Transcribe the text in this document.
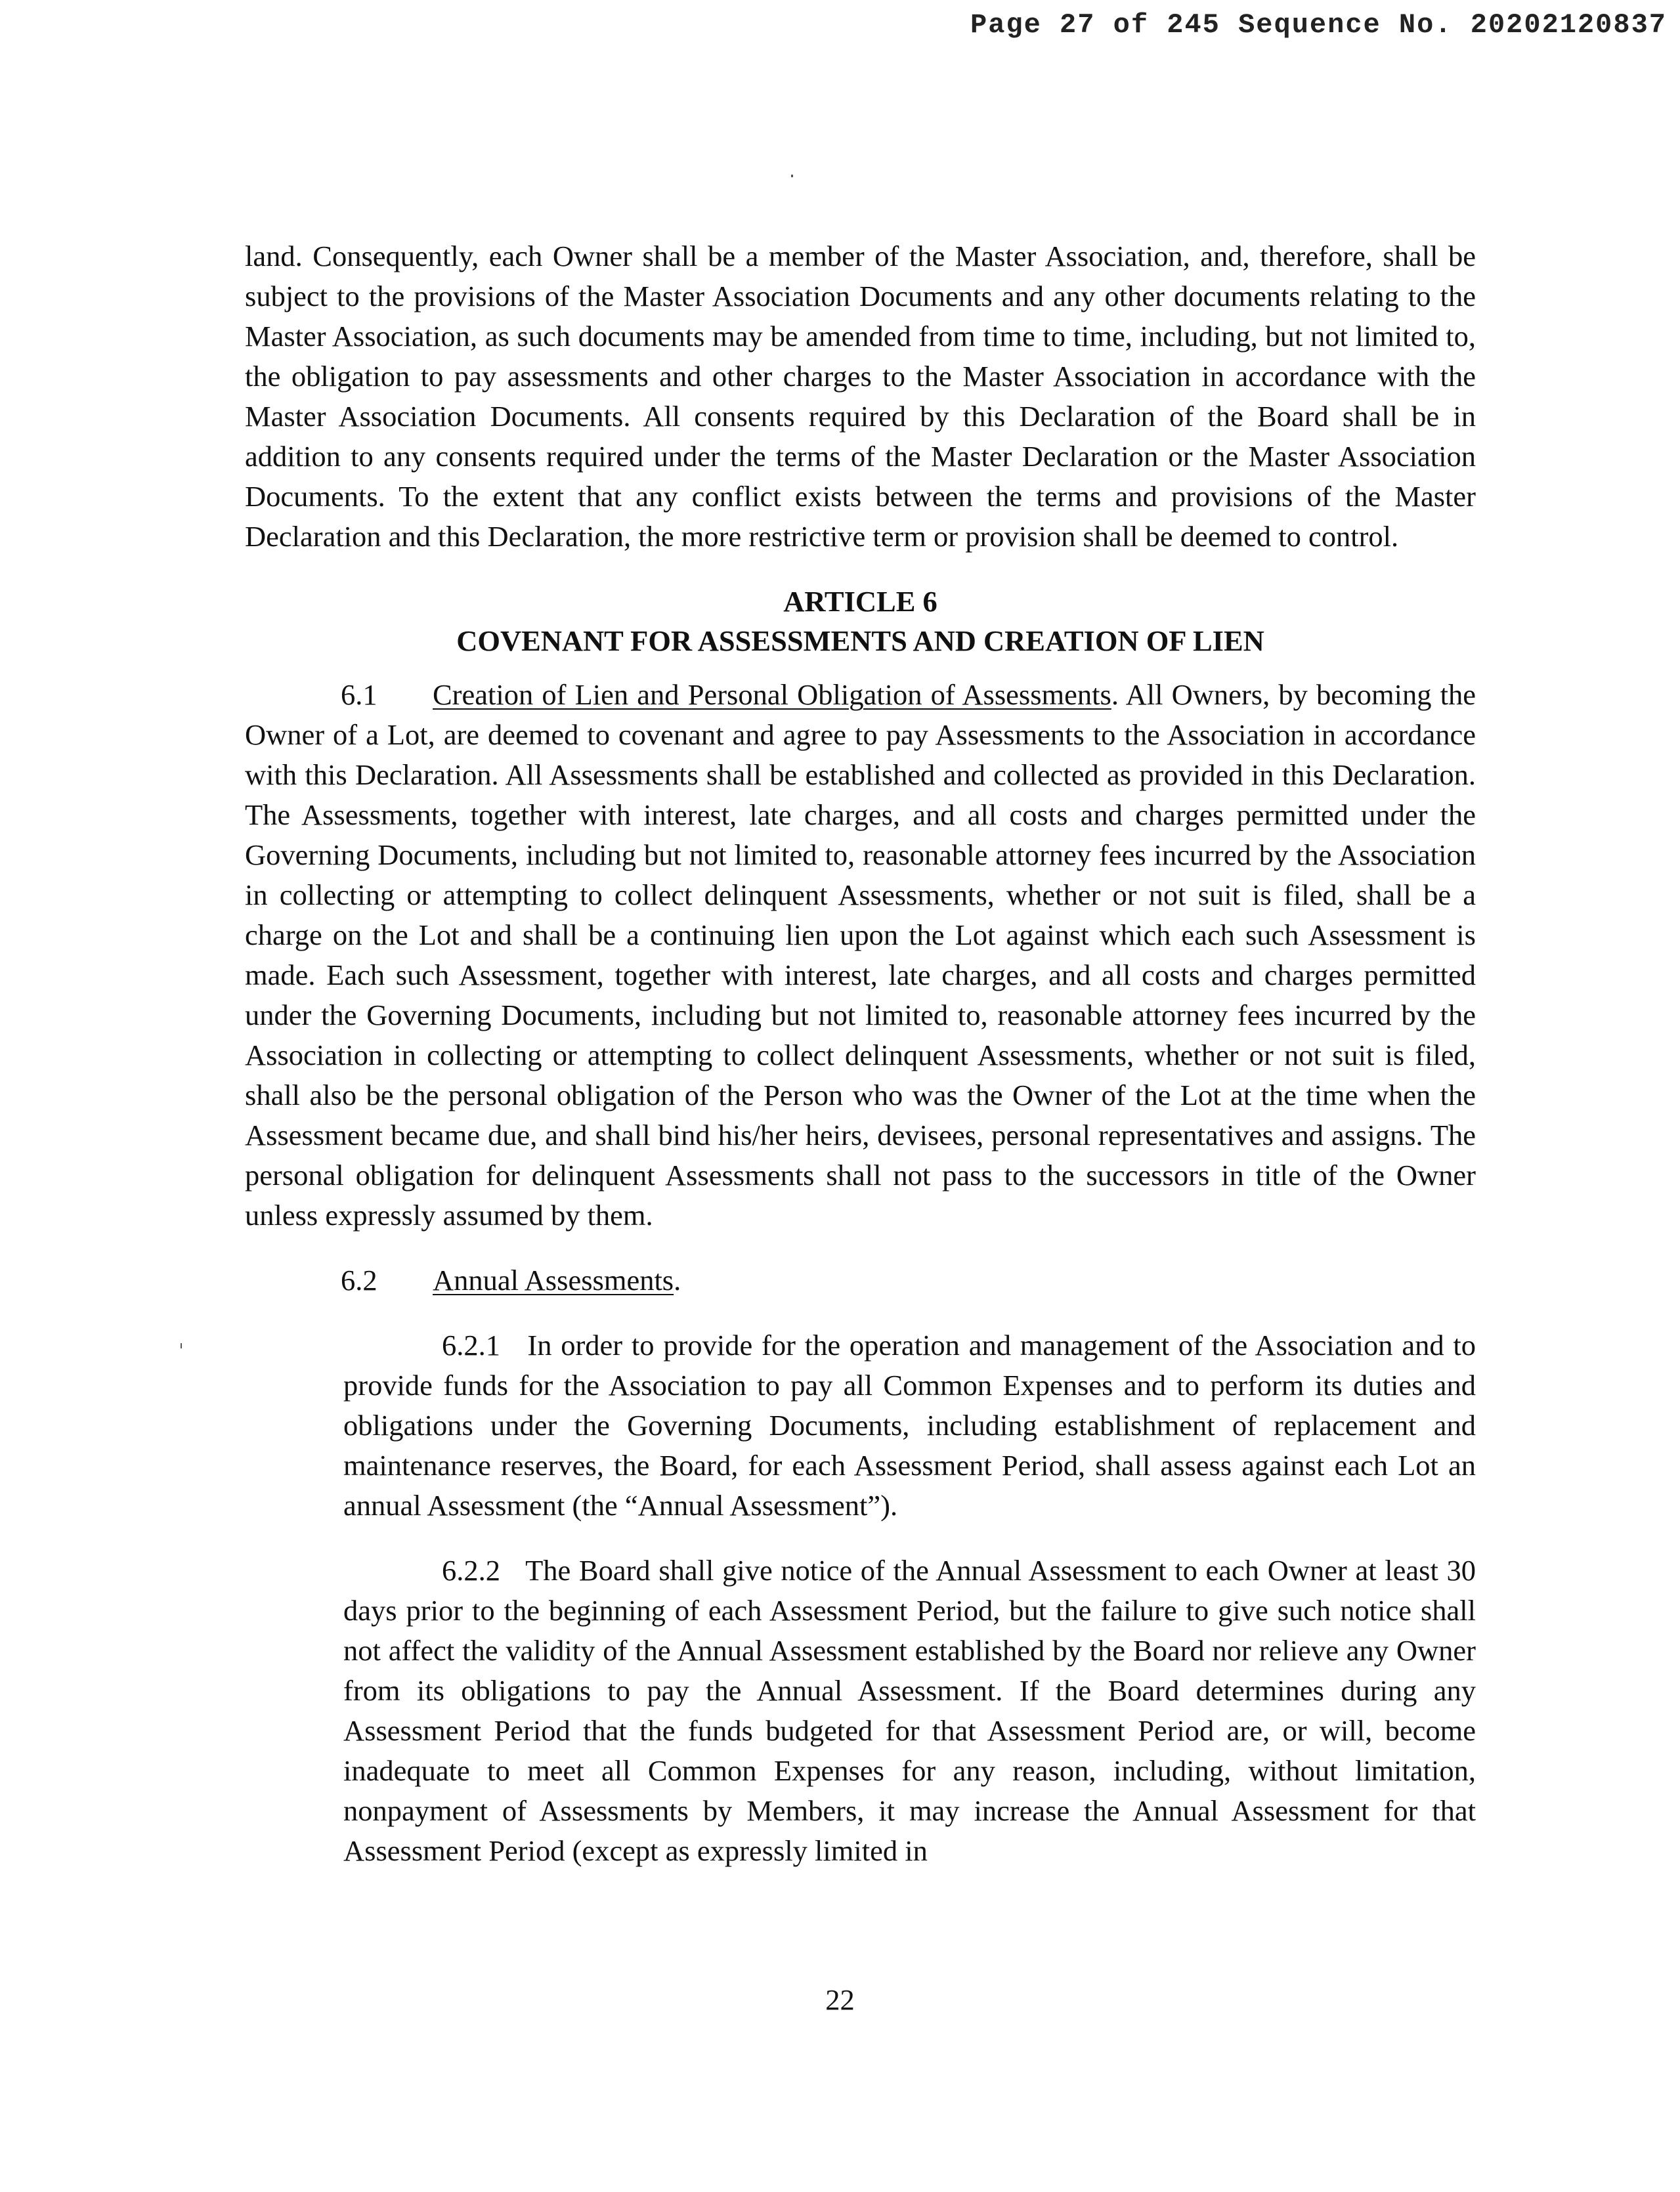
Page 27 of 245 Sequence No. 20202120837

land. Consequently, each Owner shall be a member of the Master Association, and, therefore, shall be subject to the provisions of the Master Association Documents and any other documents relating to the Master Association, as such documents may be amended from time to time, including, but not limited to, the obligation to pay assessments and other charges to the Master Association in accordance with the Master Association Documents. All consents required by this Declaration of the Board shall be in addition to any consents required under the terms of the Master Declaration or the Master Association Documents. To the extent that any conflict exists between the terms and provisions of the Master Declaration and this Declaration, the more restrictive term or provision shall be deemed to control.

ARTICLE 6
COVENANT FOR ASSESSMENTS AND CREATION OF LIEN

6.1 Creation of Lien and Personal Obligation of Assessments. All Owners, by becoming the Owner of a Lot, are deemed to covenant and agree to pay Assessments to the Association in accordance with this Declaration. All Assessments shall be established and collected as provided in this Declaration. The Assessments, together with interest, late charges, and all costs and charges permitted under the Governing Documents, including but not limited to, reasonable attorney fees incurred by the Association in collecting or attempting to collect delinquent Assessments, whether or not suit is filed, shall be a charge on the Lot and shall be a continuing lien upon the Lot against which each such Assessment is made. Each such Assessment, together with interest, late charges, and all costs and charges permitted under the Governing Documents, including but not limited to, reasonable attorney fees incurred by the Association in collecting or attempting to collect delinquent Assessments, whether or not suit is filed, shall also be the personal obligation of the Person who was the Owner of the Lot at the time when the Assessment became due, and shall bind his/her heirs, devisees, personal representatives and assigns. The personal obligation for delinquent Assessments shall not pass to the successors in title of the Owner unless expressly assumed by them.

6.2 Annual Assessments.

6.2.1 In order to provide for the operation and management of the Association and to provide funds for the Association to pay all Common Expenses and to perform its duties and obligations under the Governing Documents, including establishment of replacement and maintenance reserves, the Board, for each Assessment Period, shall assess against each Lot an annual Assessment (the “Annual Assessment”).

6.2.2 The Board shall give notice of the Annual Assessment to each Owner at least 30 days prior to the beginning of each Assessment Period, but the failure to give such notice shall not affect the validity of the Annual Assessment established by the Board nor relieve any Owner from its obligations to pay the Annual Assessment. If the Board determines during any Assessment Period that the funds budgeted for that Assessment Period are, or will, become inadequate to meet all Common Expenses for any reason, including, without limitation, nonpayment of Assessments by Members, it may increase the Annual Assessment for that Assessment Period (except as expressly limited in

22
